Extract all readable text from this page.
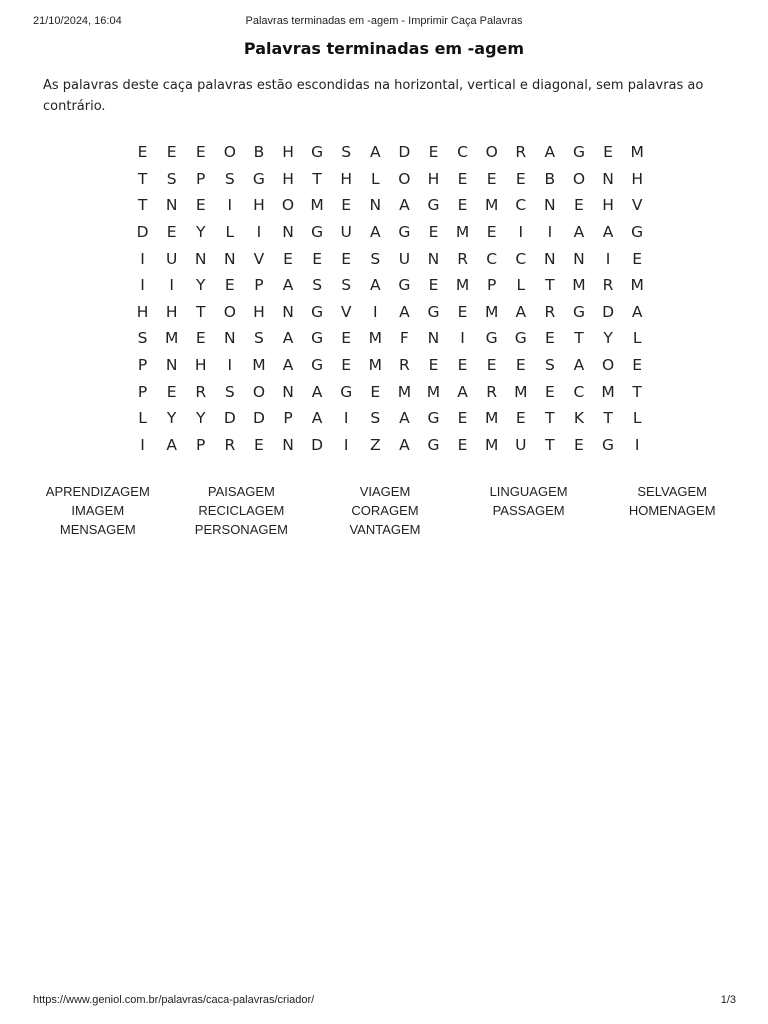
21/10/2024, 16:04	Palavras terminadas em -agem - Imprimir Caça Palavras
Palavras terminadas em -agem

As palavras deste caça palavras estão escondidas na horizontal, vertical e diagonal, sem palavras ao contrário.

E	E	E	O	B	H	G	S	A	D	E	C	O	R	A	G	E	M
T	S	P	S	G	H	T	H	L	O	H	E	E	E	B	O	N	H
T	N	E	I	H	O	M	E	N	A	G	E	M	C	N	E	H	V
D	E	Y	L	I	N	G	U	A	G	E	M	E	I	I	A	A	G
I	U	N	N	V	E	E	E	S	U	N	R	C	C	N	N	I	E
I	I	Y	E	P	A	S	S	A	G	E	M	P	L	T	M	R	M
H	H	T	O	H	N	G	V	I	A	G	E	M	A	R	G	D	A
S	M	E	N	S	A	G	E	M	F	N	I	G	G	E	T	Y	L
P	N	H	I	M	A	G	E	M	R	E	E	E	E	S	A	O	E
P	E	R	S	O	N	A	G	E	M	M	A	R	M	E	C	M	T
L	Y	Y	D	D	P	A	I	S	A	G	E	M	E	T	K	T	L
I	A	P	R	E	N	D	I	Z	A	G	E	M	U	T	E	G	I
APRENDIZAGEM	PAISAGEM	VIAGEM	LINGUAGEM	SELVAGEM
IMAGEM	RECICLAGEM	CORAGEM	PASSAGEM	HOMENAGEM
MENSAGEM	PERSONAGEM	VANTAGEM
https://www.geniol.com.br/palavras/caca-palavras/criador/	1/3
